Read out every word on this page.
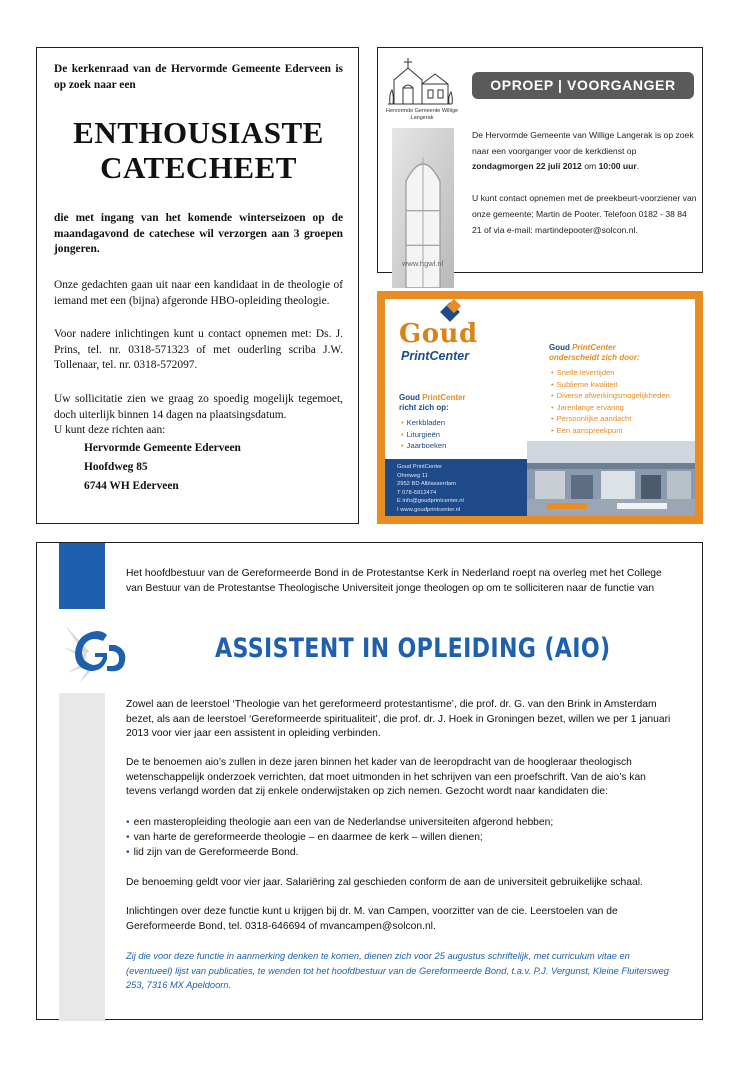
De kerkenraad van de Hervormde Gemeente Ederveen is op zoek naar een

ENTHOUSIASTE CATECHEET

die met ingang van het komende winterseizoen op de maandagavond de catechese wil verzorgen aan 3 groepen jongeren.

Onze gedachten gaan uit naar een kandidaat in de theologie of iemand met een (bijna) afgeronde HBO-opleiding theologie.

Voor nadere inlichtingen kunt u contact opnemen met: Ds. J. Prins, tel. nr. 0318-571323 of met ouderling scriba J.W. Tollenaar, tel. nr. 0318-572097.

Uw sollicitatie zien we graag zo spoedig mogelijk tegemoet, doch uiterlijk binnen 14 dagen na plaatsingsdatum.

U kunt deze richten aan:

Hervormde Gemeente Ederveen
Hoofdweg 85
6744 WH Ederveen
Hervormde Gemeente Willige Langerak
www.hgwl.nl
OPROEP | VOORGANGER

De Hervormde Gemeente van Willige Langerak is op zoek naar een voorganger voor de kerkdienst op zondagmorgen 22 juli 2012 om 10:00 uur.

U kunt contact opnemen met de preekbeurt-voorziener van onze gemeente; Martin de Pooter. Telefoon 0182 - 38 84 21 of via e-mail: martindepooter@solcon.nl.

Goud
PrintCenter
Goud PrintCenter
richt zich op:
• Kerkbladen
• Liturgieën
• Jaarboeken
Goud PrintCenter
onderscheidt zich door:
• Snelle levertijden
• Sublieme kwaliteit
• Diverse afwerkingsmogelijkheden
• Jarenlange ervaring
• Persoonlijke aandacht
• Eén aanspreekpunt
Goud PrintCenter
Ohmweg 11
2952 BD Alblasserdam
T 078-6912474
E info@goudprintcenter.nl
I www.goudprintcenter.nl
Het hoofdbestuur van de Gereformeerde Bond in de Protestantse Kerk in Nederland roept na overleg met het College van Bestuur van de Protestantse Theologische Universiteit jonge theologen op om te solliciteren naar de functie van
ASSISTENT IN OPLEIDING (AIO)
Zowel aan de leerstoel ‘Theologie van het gereformeerd protestantisme’, die prof. dr. G. van den Brink in Amsterdam bezet, als aan de leerstoel ‘Gereformeerde spiritualiteit’, die prof. dr. J. Hoek in Groningen bezet, willen we per 1 januari 2013 voor vier jaar een assistent in opleiding verbinden.
De te benoemen aio’s zullen in deze jaren binnen het kader van de leeropdracht van de hoogleraar theologisch wetenschappelijk onderzoek verrichten, dat moet uitmonden in het schrijven van een proefschrift. Van de aio’s kan tevens verlangd worden dat zij enkele onderwijstaken op zich nemen. Gezocht wordt naar kandidaten die:
• een masteropleiding theologie aan een van de Nederlandse universiteiten afgerond hebben;
• van harte de gereformeerde theologie – en daarmee de kerk – willen dienen;
• lid zijn van de Gereformeerde Bond.
De benoeming geldt voor vier jaar. Salariëring zal geschieden conform de aan de universiteit gebruikelijke schaal.
Inlichtingen over deze functie kunt u krijgen bij dr. M. van Campen, voorzitter van de cie. Leerstoelen van de Gereformeerde Bond, tel. 0318-646694 of mvancampen@solcon.nl.
Zij die voor deze functie in aanmerking denken te komen, dienen zich voor 25 augustus schriftelijk, met curriculum vitae en (eventueel) lijst van publicaties, te wenden tot het hoofdbestuur van de Gereformeerde Bond, t.a.v. P.J. Vergunst, Kleine Fluitersweg 253, 7316 MX Apeldoorn.
